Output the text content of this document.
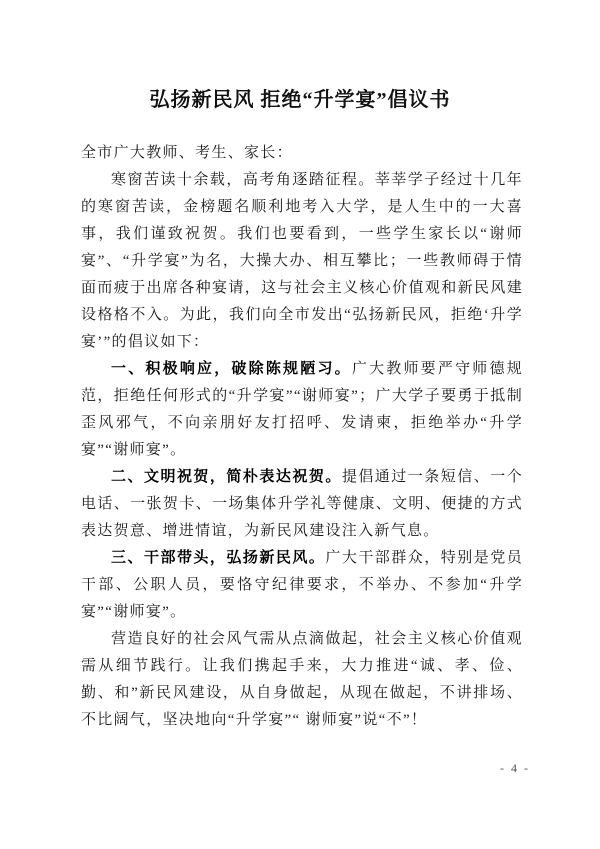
弘扬新民风 拒绝“升学宴”倡议书
全市广大教师、考生、家长：
寒窗苦读十余载，高考角逐踏征程。莘莘学子经过十几年的寒窗苦读，金榜题名顺利地考入大学，是人生中的一大喜事，我们谨致祝贺。我们也要看到，一些学生家长以“谢师宴”、“升学宴”为名，大操大办、相互攀比；一些教师碍于情面而疲于出席各种宴请，这与社会主义核心价值观和新民风建设格格不入。为此，我们向全市发出“弘扬新民风，拒绝‘升学宴’”的倡议如下：
一、积极响应，破除陈规陋习。广大教师要严守师德规范，拒绝任何形式的“升学宴”“谢师宴”；广大学子要勇于抵制歪风邪气，不向亲朋好友打招呼、发请柬，拒绝举办“升学宴”“谢师宴”。
二、文明祝贺，简朴表达祝贺。提倡通过一条短信、一个电话、一张贺卡、一场集体升学礼等健康、文明、便捷的方式表达贺意、增进情谊，为新民风建设注入新气息。
三、干部带头，弘扬新民风。广大干部群众，特别是党员干部、公职人员，要恪守纪律要求，不举办、不参加“升学宴”“谢师宴”。
营造良好的社会风气需从点滴做起，社会主义核心价值观需从细节践行。让我们携起手来，大力推进“诚、孝、俭、勤、和”新民风建设，从自身做起，从现在做起，不讲排场、不比阔气，坚决地向“升学宴”“ 谢师宴”说“不”！
- 4 -
